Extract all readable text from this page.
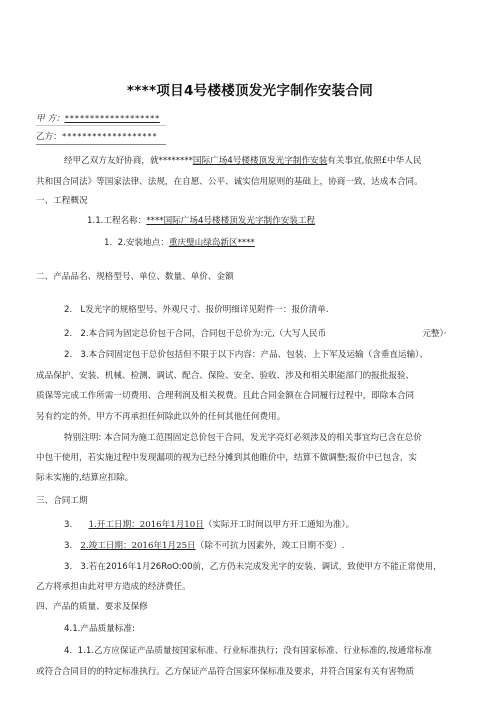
****项目4号楼楼顶发光字制作安装合同
甲 方：*******************
乙方：*******************
经甲乙双方友好协商，就********国际广场4号楼楼顶发光字制作安装有关事宜,依照£中华人民
共和国合同法》等国家法律、法规，在自愿、公平、诚实信用原则的基础上，协商一致，达成本合同。
一、工程概况
1.1.工程名称：****国际广场4号楼楼顶发光字制作安装工程
1. 2.安装地点：重庆璧山绿岛新区****
二、产品品名、规格型号、单位、数量、单价、金额
2. L发光字的规格型号、外观尺寸、报价明细详见附件一：报价清单.
2. 2.本合同为固定总价包干合同，合同包干总价为:元,（大写人民币	元整）·
2. 3.本合同固定包干总价包括但不限于以下内容：产品、包装、上下军及运输（含垂直运输）、
成品保护、安装、机械、检测、调试、配合、保险、安全、验收、涉及和相关职能部门的报批报验、
质保等完成工作所需一切费用、合理利润及相关税费。且此合同金额在合同履行过程中，即除本合同
另有约定的外，甲方不再承担任何除此以外的任何其他任何费用。
特别注明: 本合同为施工范围固定总价包干合同，发光字亮灯必须涉及的相关事宜均已含在总价
中包干使用，若实施过程中发现漏项的视为已经分摊到其他睢价中，结算不做调整;报价中已包含，实
际未实施的,结算应扣除。
三、合同工期
3. 1.开工日期：2016年1月10日（实际开工时间以甲方开工通知为准）。
3. 2.竣工日期：2016年1月25日（除不可抗力因素外，竣工日期不变）.
3. 3.若在2016年1月26RoO:00前，乙方仍未完成发光字的安装、调试，致使甲方不能正常使用，
乙方将承担由此对甲方造成的经济费任。
四、产品的质量、要求及保修
4.1.产品质量标准:
4. 1.1.乙方应保证产品质量按国家标准、行业标准执行；没有国家标准、行业标准的,按通常标准
或符合合同目的的特定标准执行。乙方保证产品符合国家环保标准及要求，并符合国家有关有害物质
